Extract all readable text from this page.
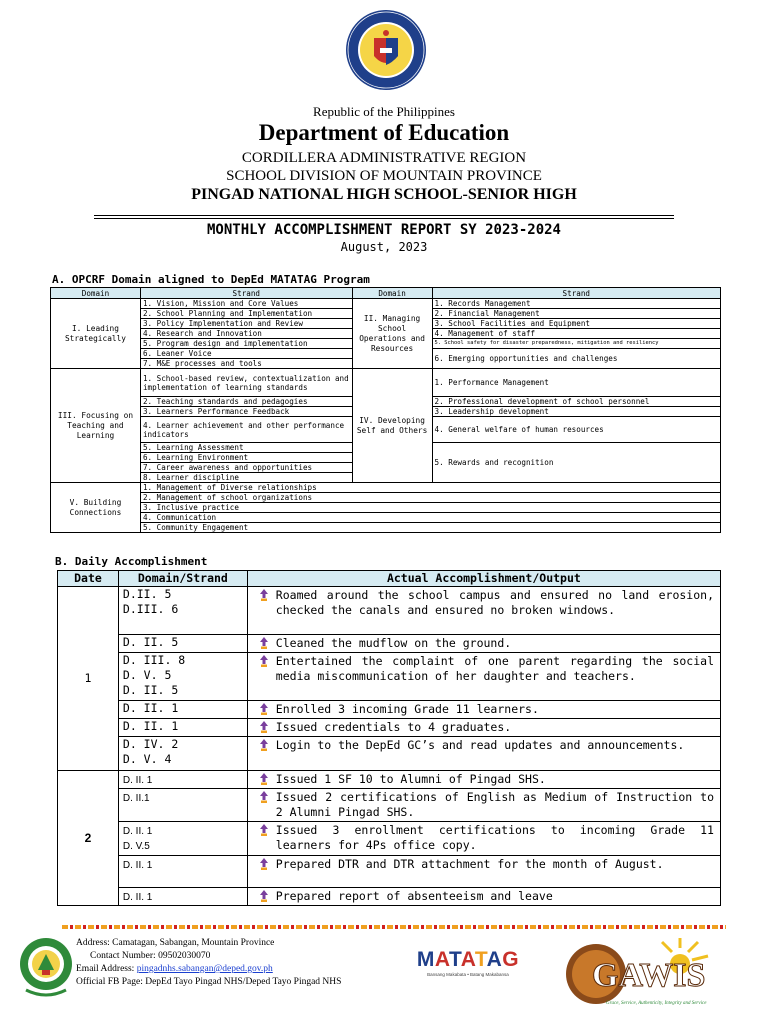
Republic of the Philippines
Department of Education
CORDILLERA ADMINISTRATIVE REGION
SCHOOL DIVISION OF MOUNTAIN PROVINCE
PINGAD NATIONAL HIGH SCHOOL-SENIOR HIGH
MONTHLY ACCOMPLISHMENT REPORT SY 2023-2024
August, 2023
A. OPCRF Domain aligned to DepEd MATATAG Program
Domain	Strand	Domain	Strand
I. Leading Strategically	1. Vision, Mission and Core Values	II. Managing School Operations and Resources	1. Records Management
	2. School Planning and Implementation		2. Financial Management
	3. Policy Implementation and Review		3. School Facilities and Equipment
	4. Research and Innovation		4. Management of staff
	5. Program design and implementation		5. School safety for disaster preparedness, mitigation and resiliency
	6. Leaner Voice		6. Emerging opportunities and challenges
	7. M&E processes and tools		
III. Focusing on Teaching and Learning	1. School-based review, contextualization and implementation of learning standards	IV. Developing Self and Others	1. Performance Management
	2. Teaching standards and pedagogies		2. Professional development of school personnel
	3. Learners Performance Feedback		3. Leadership development
	4. Learner achievement and other performance indicators		4. General welfare of human resources
	5. Learning Assessment		5. Rewards and recognition
	6. Learning Environment		
	7. Career awareness and opportunities		
	8. Learner discipline		
V. Building Connections	1. Management of Diverse relationships		
	2. Management of school organizations		
	3. Inclusive practice		
	4. Communication		
	5. Community Engagement		
B. Daily Accomplishment
Date	Domain/Strand	Actual Accomplishment/Output
1	D.II. 5
D.III. 6	Roamed around the school campus and ensured no land erosion, checked the canals and ensured no broken windows.

	D. II. 5	Cleaned the mudflow on the ground.

	D. III. 8
D. V. 5
D. II. 5	Entertained the complaint of one parent regarding the social media miscommunication of her daughter and teachers.

	D. II. 1	Enrolled 3 incoming Grade 11 learners.

	D. II. 1	Issued credentials to 4 graduates.

	D. IV. 2
D. V. 4	Login to the DepEd GC’s and read updates and announcements.
2	D. II. 1	Issued 1 SF 10 to Alumni of Pingad SHS.

	D. II.1	Issued 2 certifications of English as Medium of Instruction to 2 Alumni Pingad SHS.

	D. II. 1
D. V.5	Issued 3 enrollment certifications to incoming Grade 11 learners for 4Ps office copy.

	D. II. 1	Prepared DTR and DTR attachment for the month of August.

	D. II. 1	Prepared report of absenteeism and leave
Address: Camatagan, Sabangan, Mountain Province
Contact Number: 09502030070
Email Address: pingadnhs.sabangan@deped.gov.ph
Official FB Page: DepEd Tayo Pingad NHS/Deped Tayo Pingad NHS
MATATAG
Bansang Makabata • Batang Makabansa	GAWIS
Grace, Service, Authenticity, Integrity and Service
